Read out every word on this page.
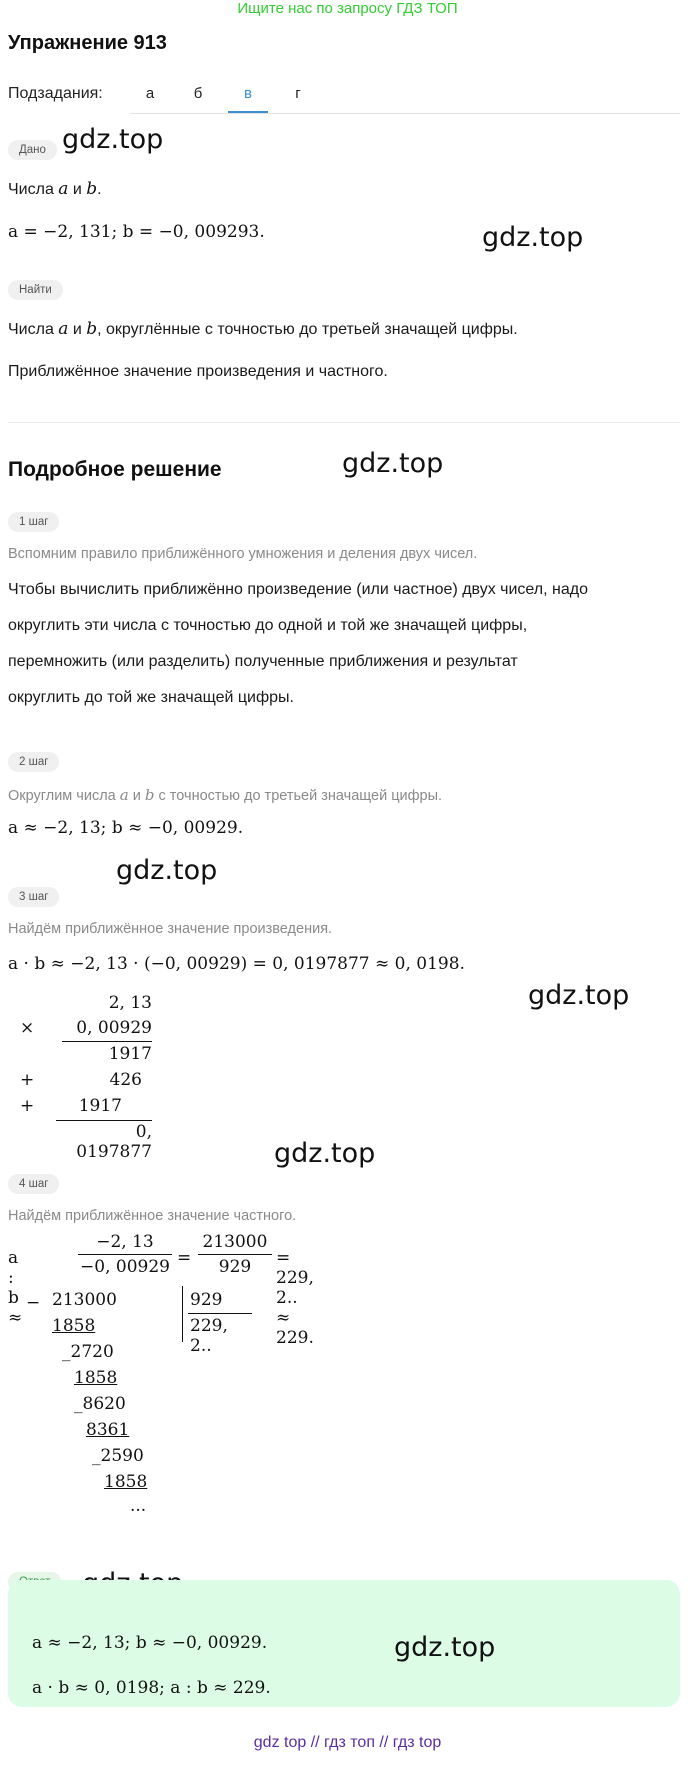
Ищите нас по запросу ГДЗ ТОП
Упражнение 913
Подзадания:	а	б	в	г
Дано gdz.top
Числа a и b.
a = −2, 131; b = −0, 009293.	gdz.top
Найти
Числа a и b, округлённые с точностью до третьей значащей цифры.
Приближённое значение произведения и частного.
Подробное решение	gdz.top
1 шаг
Вспомним правило приближённого умножения и деления двух чисел.
Чтобы вычислить приближённо произведение (или частное) двух чисел, надо
округлить эти числа с точностью до одной и той же значащей цифры,
перемножить (или разделить) полученные приближения и результат
округлить до той же значащей цифры.
2 шаг
Округлим числа a и b с точностью до третьей значащей цифры.
a ≈ −2, 13; b ≈ −0, 00929.
gdz.top
3 шаг
Найдём приближённое значение произведения.
a · b ≈ −2, 13 · (−0, 00929) = 0, 0197877 ≈ 0, 0198.
gdz.top
2, 13
×	0, 00929
1917
+	426
+	1917
0, 0197877	gdz.top
4 шаг
Найдём приближённое значение частного.
a : b ≈
−2, 13
−0, 00929 =
213000
929	= 229, 2.. ≈ 229.
− 213000
1858
_2720
1858
_8620
8361
_2590
1858
...
929
229, 2..
a ≈ −2, 13; b ≈ −0, 00929.
a · b ≈ 0, 0198; a : b ≈ 229.
gdz.top
gdz top // гдз топ // гдз top
